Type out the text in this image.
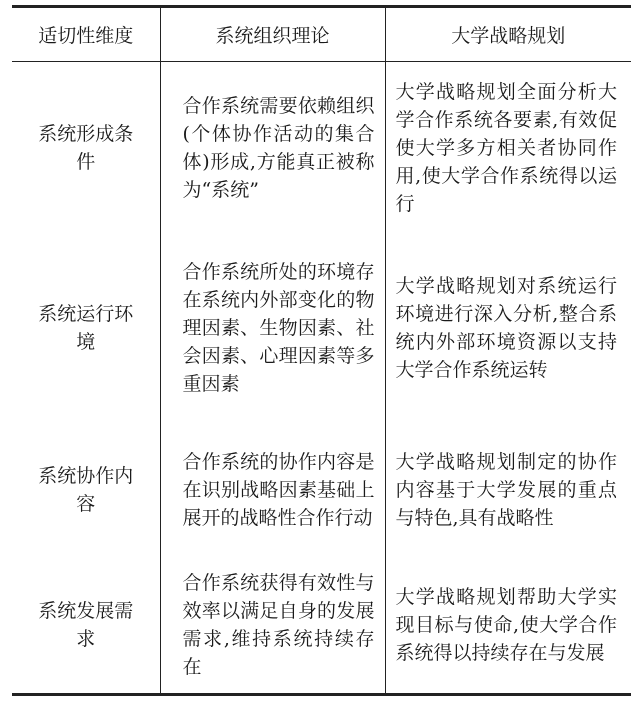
适切性维度	系统组织理论	大学战略规划
系统形成条件	合作系统需要依赖组织(个体协作活动的集合体)形成,方能真正被称为“系统”	大学战略规划全面分析大学合作系统各要素,有效促使大学多方相关者协同作用,使大学合作系统得以运行
系统运行环境	合作系统所处的环境存在系统内外部变化的物理因素、生物因素、社会因素、心理因素等多重因素	大学战略规划对系统运行环境进行深入分析,整合系统内外部环境资源以支持大学合作系统运转
系统协作内容	合作系统的协作内容是在识别战略因素基础上展开的战略性合作行动	大学战略规划制定的协作内容基于大学发展的重点与特色,具有战略性
系统发展需求	合作系统获得有效性与效率以满足自身的发展需求,维持系统持续存在	大学战略规划帮助大学实现目标与使命,使大学合作系统得以持续存在与发展
